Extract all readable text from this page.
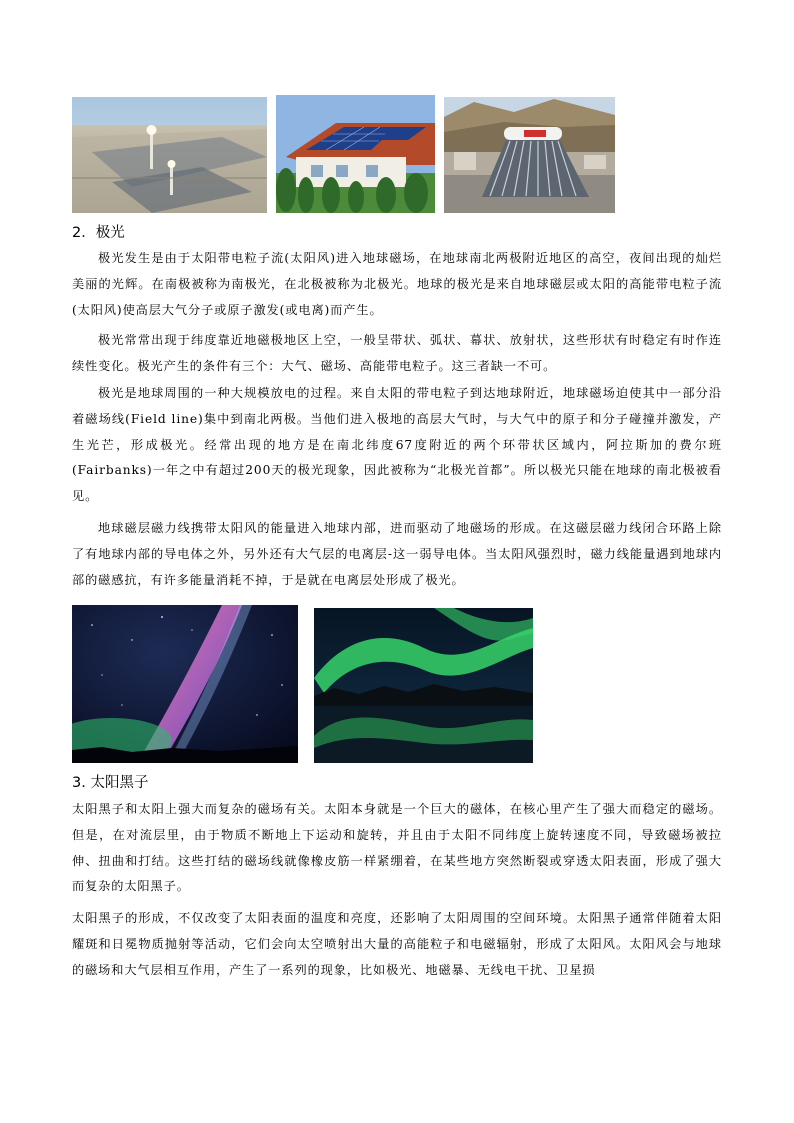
2．极光

极光发生是由于太阳带电粒子流(太阳风)进入地球磁场，在地球南北两极附近地区的高空，夜间出现的灿烂美丽的光辉。在南极被称为南极光，在北极被称为北极光。地球的极光是来自地球磁层或太阳的高能带电粒子流(太阳风)使高层大气分子或原子激发(或电离)而产生。

极光常常出现于纬度靠近地磁极地区上空，一般呈带状、弧状、幕状、放射状，这些形状有时稳定有时作连续性变化。极光产生的条件有三个：大气、磁场、高能带电粒子。这三者缺一不可。

极光是地球周围的一种大规模放电的过程。来自太阳的带电粒子到达地球附近，地球磁场迫使其中一部分沿着磁场线(Field line)集中到南北两极。当他们进入极地的高层大气时，与大气中的原子和分子碰撞并激发，产生光芒，形成极光。经常出现的地方是在南北纬度67度附近的两个环带状区域内，阿拉斯加的费尔班(Fairbanks)一年之中有超过200天的极光现象，因此被称为“北极光首都”。所以极光只能在地球的南北极被看见。

地球磁层磁力线携带太阳风的能量进入地球内部，进而驱动了地磁场的形成。在这磁层磁力线闭合环路上除了有地球内部的导电体之外，另外还有大气层的电离层-这一弱导电体。当太阳风强烈时，磁力线能量遇到地球内部的磁感抗，有许多能量消耗不掉，于是就在电离层处形成了极光。

3. 太阳黑子

太阳黑子和太阳上强大而复杂的磁场有关。太阳本身就是一个巨大的磁体，在核心里产生了强大而稳定的磁场。但是，在对流层里，由于物质不断地上下运动和旋转，并且由于太阳不同纬度上旋转速度不同，导致磁场被拉伸、扭曲和打结。这些打结的磁场线就像橡皮筋一样紧绷着，在某些地方突然断裂或穿透太阳表面，形成了强大而复杂的太阳黑子。

太阳黑子的形成，不仅改变了太阳表面的温度和亮度，还影响了太阳周围的空间环境。太阳黑子通常伴随着太阳耀斑和日冕物质抛射等活动，它们会向太空喷射出大量的高能粒子和电磁辐射，形成了太阳风。太阳风会与地球的磁场和大气层相互作用，产生了一系列的现象，比如极光、地磁暴、无线电干扰、卫星损
